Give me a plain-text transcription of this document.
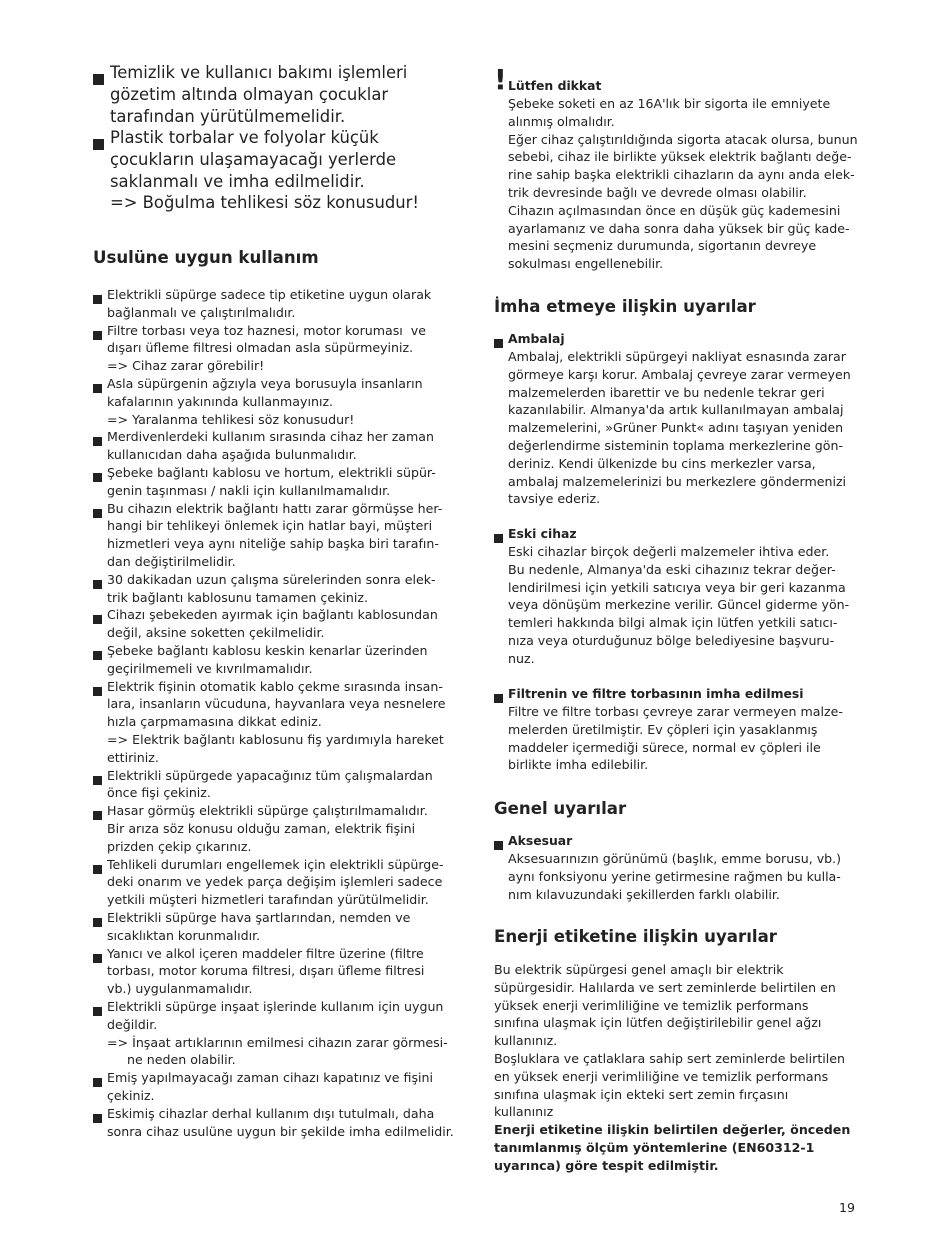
Temizlik ve kullanıcı bakımı işlemleri
gözetim altında olmayan çocuklar
tarafından yürütülmemelidir.
Plastik torbalar ve folyolar küçük
çocukların ulaşamayacağı yerlerde
saklanmalı ve imha edilmelidir.
=> Boğulma tehlikesi söz konusudur!
Usulüne uygun kullanım
Elektrikli süpürge sadece tip etiketine uygun olarak
bağlanmalı ve çalıştırılmalıdır.
Filtre torbası veya toz haznesi, motor koruması  ve
dışarı üfleme filtresi olmadan asla süpürmeyiniz.
=> Cihaz zarar görebilir!
Asla süpürgenin ağzıyla veya borusuyla insanların
kafalarının yakınında kullanmayınız.
=> Yaralanma tehlikesi söz konusudur!
Merdivenlerdeki kullanım sırasında cihaz her zaman
kullanıcıdan daha aşağıda bulunmalıdır.
Şebeke bağlantı kablosu ve hortum, elektrikli süpür-
genin taşınması / nakli için kullanılmamalıdır.
Bu cihazın elektrik bağlantı hattı zarar görmüşse her-
hangi bir tehlikeyi önlemek için hatlar bayi, müşteri
hizmetleri veya aynı niteliğe sahip başka biri tarafın-
dan değiştirilmelidir.
30 dakikadan uzun çalışma sürelerinden sonra elek-
trik bağlantı kablosunu tamamen çekiniz.
Cihazı şebekeden ayırmak için bağlantı kablosundan
değil, aksine soketten çekilmelidir.
Şebeke bağlantı kablosu keskin kenarlar üzerinden
geçirilmemeli ve kıvrılmamalıdır.
Elektrik fişinin otomatik kablo çekme sırasında insan-
lara, insanların vücuduna, hayvanlara veya nesnelere
hızla çarpmamasına dikkat ediniz.
=> Elektrik bağlantı kablosunu fiş yardımıyla hareket
ettiriniz.
Elektrikli süpürgede yapacağınız tüm çalışmalardan
önce fişi çekiniz.
Hasar görmüş elektrikli süpürge çalıştırılmamalıdır.
Bir arıza söz konusu olduğu zaman, elektrik fişini
prizden çekip çıkarınız.
Tehlikeli durumları engellemek için elektrikli süpürge-
deki onarım ve yedek parça değişim işlemleri sadece
yetkili müşteri hizmetleri tarafından yürütülmelidir.
Elektrikli süpürge hava şartlarından, nemden ve
sıcaklıktan korunmalıdır.
Yanıcı ve alkol içeren maddeler filtre üzerine (filtre
torbası, motor koruma filtresi, dışarı üfleme filtresi
vb.) uygulanmamalıdır.
Elektrikli süpürge inşaat işlerinde kullanım için uygun
değildir.
=> İnşaat artıklarının emilmesi cihazın zarar görmesi-
ne neden olabilir.
Emiş yapılmayacağı zaman cihazı kapatınız ve fişini
çekiniz.
Eskimiş cihazlar derhal kullanım dışı tutulmalı, daha
sonra cihaz usulüne uygun bir şekilde imha edilmelidir.
! Lütfen dikkat
Şebeke soketi en az 16A'lık bir sigorta ile emniyete
alınmış olmalıdır.
Eğer cihaz çalıştırıldığında sigorta atacak olursa, bunun
sebebi, cihaz ile birlikte yüksek elektrik bağlantı değe-
rine sahip başka elektrikli cihazların da aynı anda elek-
trik devresinde bağlı ve devrede olması olabilir.
Cihazın açılmasından önce en düşük güç kademesini
ayarlamanız ve daha sonra daha yüksek bir güç kade-
mesini seçmeniz durumunda, sigortanın devreye
sokulması engellenebilir.
İmha etmeye ilişkin uyarılar
Ambalaj
Ambalaj, elektrikli süpürgeyi nakliyat esnasında zarar
görmeye karşı korur. Ambalaj çevreye zarar vermeyen
malzemelerden ibarettir ve bu nedenle tekrar geri
kazanılabilir. Almanya'da artık kullanılmayan ambalaj
malzemelerini, »Grüner Punkt« adını taşıyan yeniden
değerlendirme sisteminin toplama merkezlerine gön-
deriniz. Kendi ülkenizde bu cins merkezler varsa,
ambalaj malzemelerinizi bu merkezlere göndermenizi
tavsiye ederiz.
Eski cihaz
Eski cihazlar birçok değerli malzemeler ihtiva eder.
Bu nedenle, Almanya'da eski cihazınız tekrar değer-
lendirilmesi için yetkili satıcıya veya bir geri kazanma
veya dönüşüm merkezine verilir. Güncel giderme yön-
temleri hakkında bilgi almak için lütfen yetkili satıcı-
nıza veya oturduğunuz bölge belediyesine başvuru-
nuz.
Filtrenin ve filtre torbasının imha edilmesi
Filtre ve filtre torbası çevreye zarar vermeyen malze-
melerden üretilmiştir. Ev çöpleri için yasaklanmış
maddeler içermediği sürece, normal ev çöpleri ile
birlikte imha edilebilir.
Genel uyarılar
Aksesuar
Aksesuarınızın görünümü (başlık, emme borusu, vb.)
aynı fonksiyonu yerine getirmesine rağmen bu kulla-
nım kılavuzundaki şekillerden farklı olabilir.
Enerji etiketine ilişkin uyarılar
Bu elektrik süpürgesi genel amaçlı bir elektrik
süpürgesidir. Halılarda ve sert zeminlerde belirtilen en
yüksek enerji verimliliğine ve temizlik performans
sınıfına ulaşmak için lütfen değiştirilebilir genel ağzı
kullanınız.
Boşluklara ve çatlaklara sahip sert zeminlerde belirtilen
en yüksek enerji verimliliğine ve temizlik performans
sınıfına ulaşmak için ekteki sert zemin fırçasını
kullanınız
Enerji etiketine ilişkin belirtilen değerler, önceden
tanımlanmış ölçüm yöntemlerine (EN60312-1
uyarınca) göre tespit edilmiştir.
19
